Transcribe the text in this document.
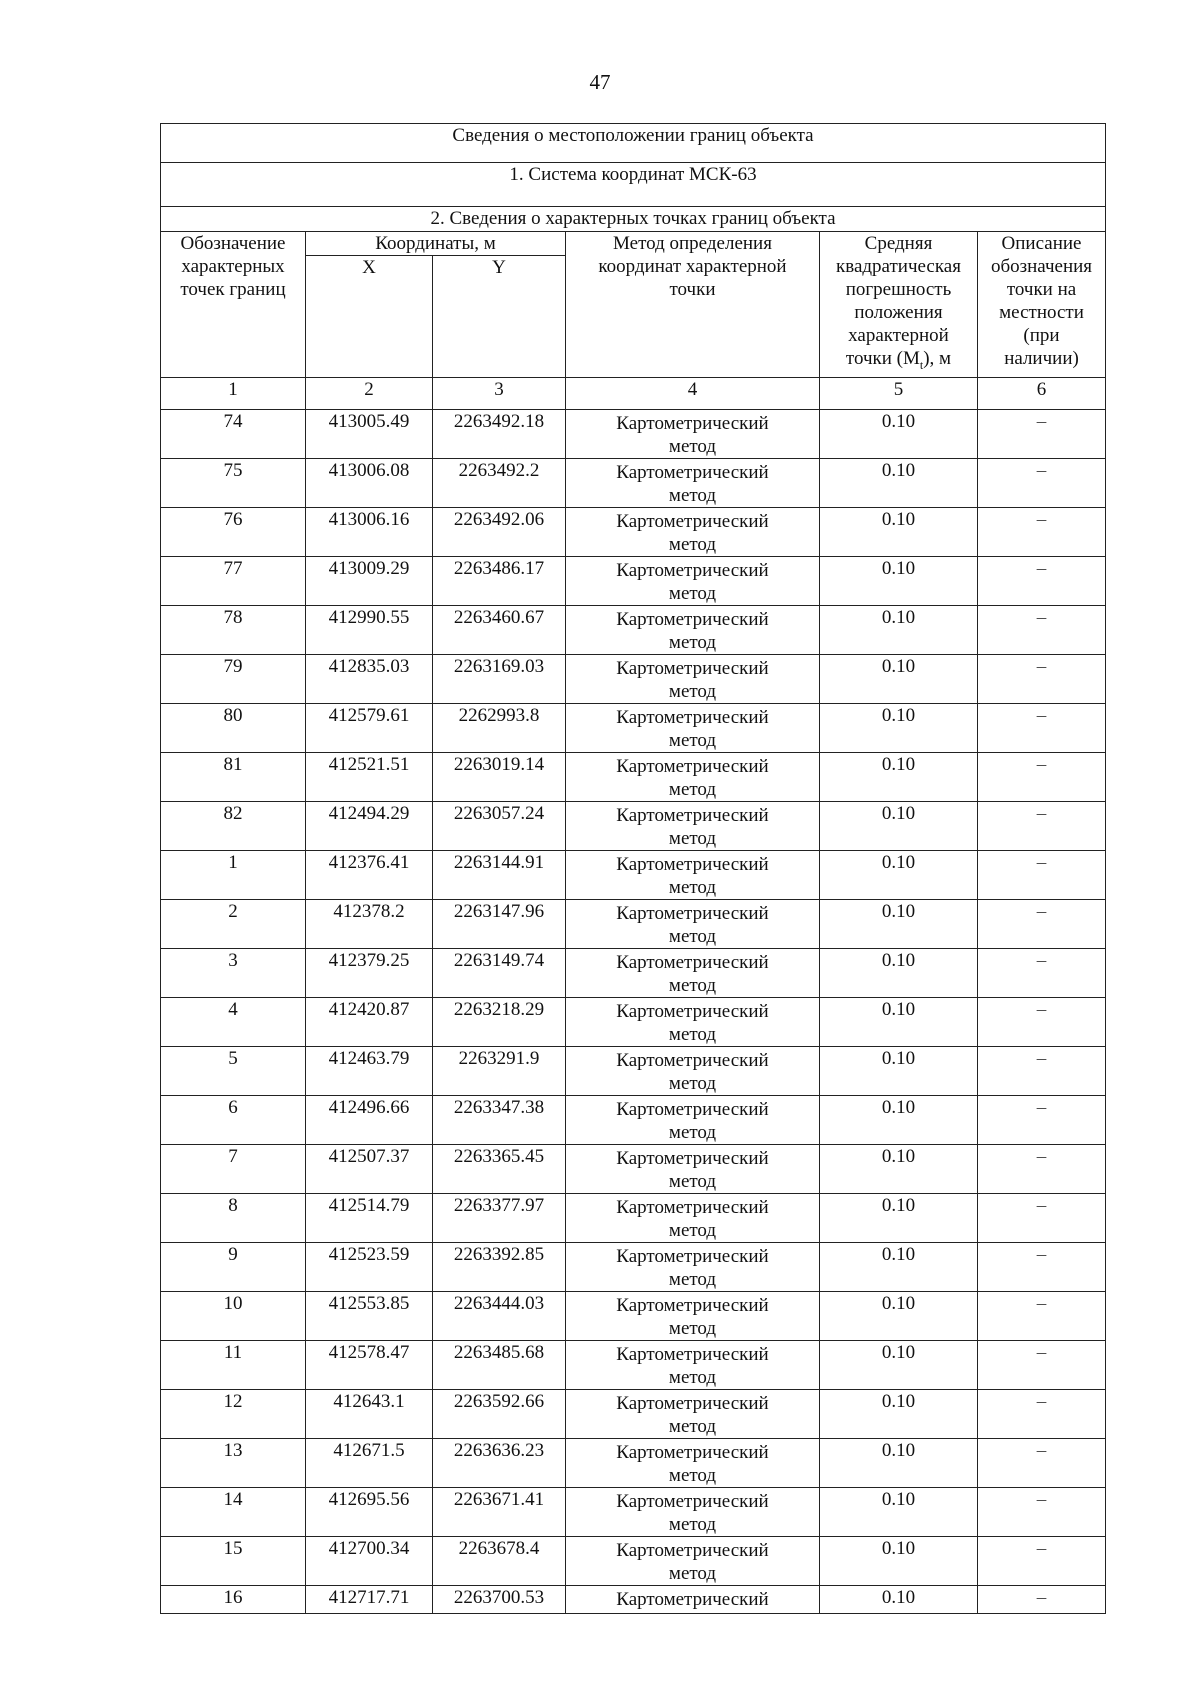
47
Сведения о местоположении границ объекта					
1. Система координат МСК-63					
2. Сведения о характерных точках границ объекта					
Обозначение характерных точек границ	Координаты, м		Метод определения координат характерной точки	Средняя квадратическая погрешность положения характерной точки $(M_t)$, м	Описание обозначения точки на местности (при наличии)
	X	Y			
1	2	3	4	5	6
74	413005.49	2263492.18	Картометрический метод	0.10	–
75	413006.08	2263492.2	Картометрический метод	0.10	–
76	413006.16	2263492.06	Картометрический метод	0.10	–
77	413009.29	2263486.17	Картометрический метод	0.10	–
78	412990.55	2263460.67	Картометрический метод	0.10	–
79	412835.03	2263169.03	Картометрический метод	0.10	–
80	412579.61	2262993.8	Картометрический метод	0.10	–
81	412521.51	2263019.14	Картометрический метод	0.10	–
82	412494.29	2263057.24	Картометрический метод	0.10	–
1	412376.41	2263144.91	Картометрический метод	0.10	–
2	412378.2	2263147.96	Картометрический метод	0.10	–
3	412379.25	2263149.74	Картометрический метод	0.10	–
4	412420.87	2263218.29	Картометрический метод	0.10	–
5	412463.79	2263291.9	Картометрический метод	0.10	–
6	412496.66	2263347.38	Картометрический метод	0.10	–
7	412507.37	2263365.45	Картометрический метод	0.10	–
8	412514.79	2263377.97	Картометрический метод	0.10	–
9	412523.59	2263392.85	Картометрический метод	0.10	–
10	412553.85	2263444.03	Картометрический метод	0.10	–
11	412578.47	2263485.68	Картометрический метод	0.10	–
12	412643.1	2263592.66	Картометрический метод	0.10	–
13	412671.5	2263636.23	Картометрический метод	0.10	–
14	412695.56	2263671.41	Картометрический метод	0.10	–
15	412700.34	2263678.4	Картометрический метод	0.10	–
16	412717.71	2263700.53	Картометрический	0.10	–
